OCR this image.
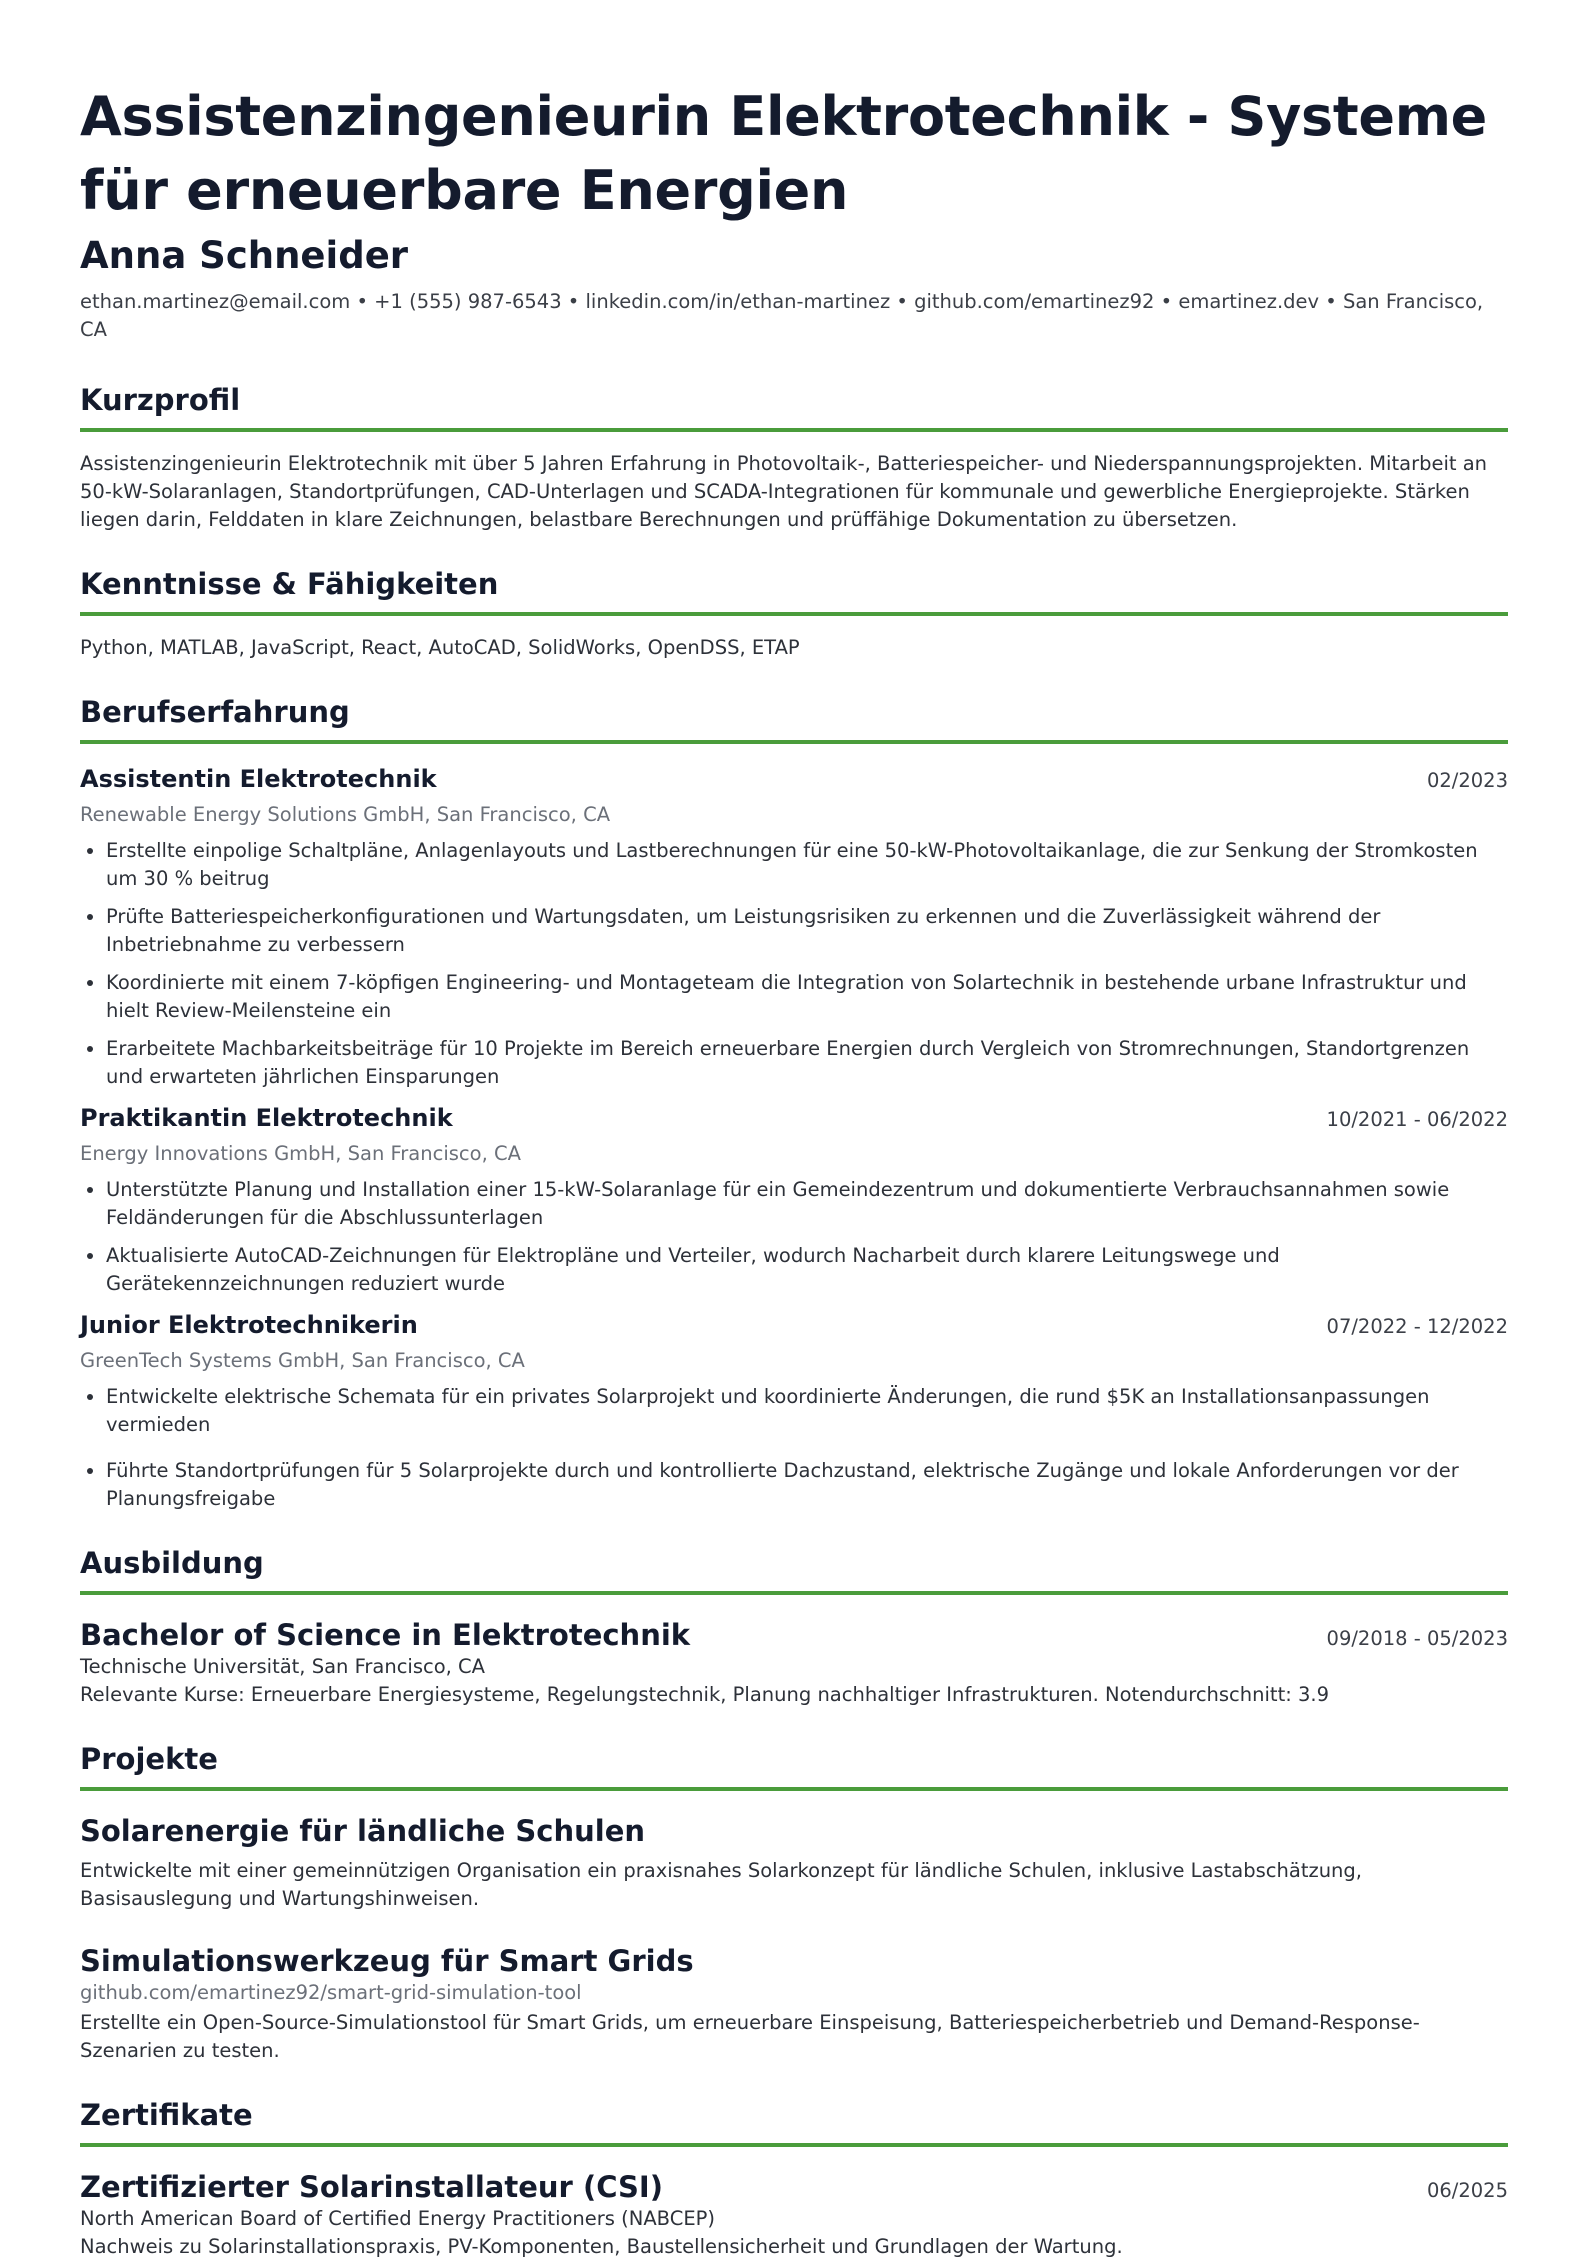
Assistenzingenieurin Elektrotechnik - Systeme für erneuerbare Energien
Anna Schneider
ethan.martinez@email.com • +1 (555) 987-6543 • linkedin.com/in/ethan-martinez • github.com/emartinez92 • emartinez.dev • San Francisco, CA
Kurzprofil
Assistenzingenieurin Elektrotechnik mit über 5 Jahren Erfahrung in Photovoltaik-, Batteriespeicher- und Niederspannungsprojekten. Mitarbeit an 50-kW-Solaranlagen, Standortprüfungen, CAD-Unterlagen und SCADA-Integrationen für kommunale und gewerbliche Energieprojekte. Stärken liegen darin, Felddaten in klare Zeichnungen, belastbare Berechnungen und prüffähige Dokumentation zu übersetzen.
Kenntnisse & Fähigkeiten
Python, MATLAB, JavaScript, React, AutoCAD, SolidWorks, OpenDSS, ETAP
Berufserfahrung
Assistentin Elektrotechnik	02/2023
Renewable Energy Solutions GmbH, San Francisco, CA
• Erstellte einpolige Schaltpläne, Anlagenlayouts und Lastberechnungen für eine 50-kW-Photovoltaikanlage, die zur Senkung der Stromkosten um 30 % beitrug
• Prüfte Batteriespeicherkonfigurationen und Wartungsdaten, um Leistungsrisiken zu erkennen und die Zuverlässigkeit während der Inbetriebnahme zu verbessern
• Koordinierte mit einem 7-köpfigen Engineering- und Montageteam die Integration von Solartechnik in bestehende urbane Infrastruktur und hielt Review-Meilensteine ein
• Erarbeitete Machbarkeitsbeiträge für 10 Projekte im Bereich erneuerbare Energien durch Vergleich von Stromrechnungen, Standortgrenzen und erwarteten jährlichen Einsparungen
Praktikantin Elektrotechnik	10/2021 - 06/2022
Energy Innovations GmbH, San Francisco, CA
• Unterstützte Planung und Installation einer 15-kW-Solaranlage für ein Gemeindezentrum und dokumentierte Verbrauchsannahmen sowie Feldänderungen für die Abschlussunterlagen
• Aktualisierte AutoCAD-Zeichnungen für Elektropläne und Verteiler, wodurch Nacharbeit durch klarere Leitungswege und Gerätekennzeichnungen reduziert wurde
Junior Elektrotechnikerin	07/2022 - 12/2022
GreenTech Systems GmbH, San Francisco, CA
• Entwickelte elektrische Schemata für ein privates Solarprojekt und koordinierte Änderungen, die rund $5K an Installationsanpassungen vermieden
• Führte Standortprüfungen für 5 Solarprojekte durch und kontrollierte Dachzustand, elektrische Zugänge und lokale Anforderungen vor der Planungsfreigabe
Ausbildung
Bachelor of Science in Elektrotechnik	09/2018 - 05/2023
Technische Universität, San Francisco, CA
Relevante Kurse: Erneuerbare Energiesysteme, Regelungstechnik, Planung nachhaltiger Infrastrukturen. Notendurchschnitt: 3.9
Projekte
Solarenergie für ländliche Schulen
Entwickelte mit einer gemeinnützigen Organisation ein praxisnahes Solarkonzept für ländliche Schulen, inklusive Lastabschätzung, Basisauslegung und Wartungshinweisen.
Simulationswerkzeug für Smart Grids
github.com/emartinez92/smart-grid-simulation-tool
Erstellte ein Open-Source-Simulationstool für Smart Grids, um erneuerbare Einspeisung, Batteriespeicherbetrieb und Demand-Response-Szenarien zu testen.
Zertifikate
Zertifizierter Solarinstallateur (CSI)	06/2025
North American Board of Certified Energy Practitioners (NABCEP)
Nachweis zu Solarinstallationspraxis, PV-Komponenten, Baustellensicherheit und Grundlagen der Wartung.
